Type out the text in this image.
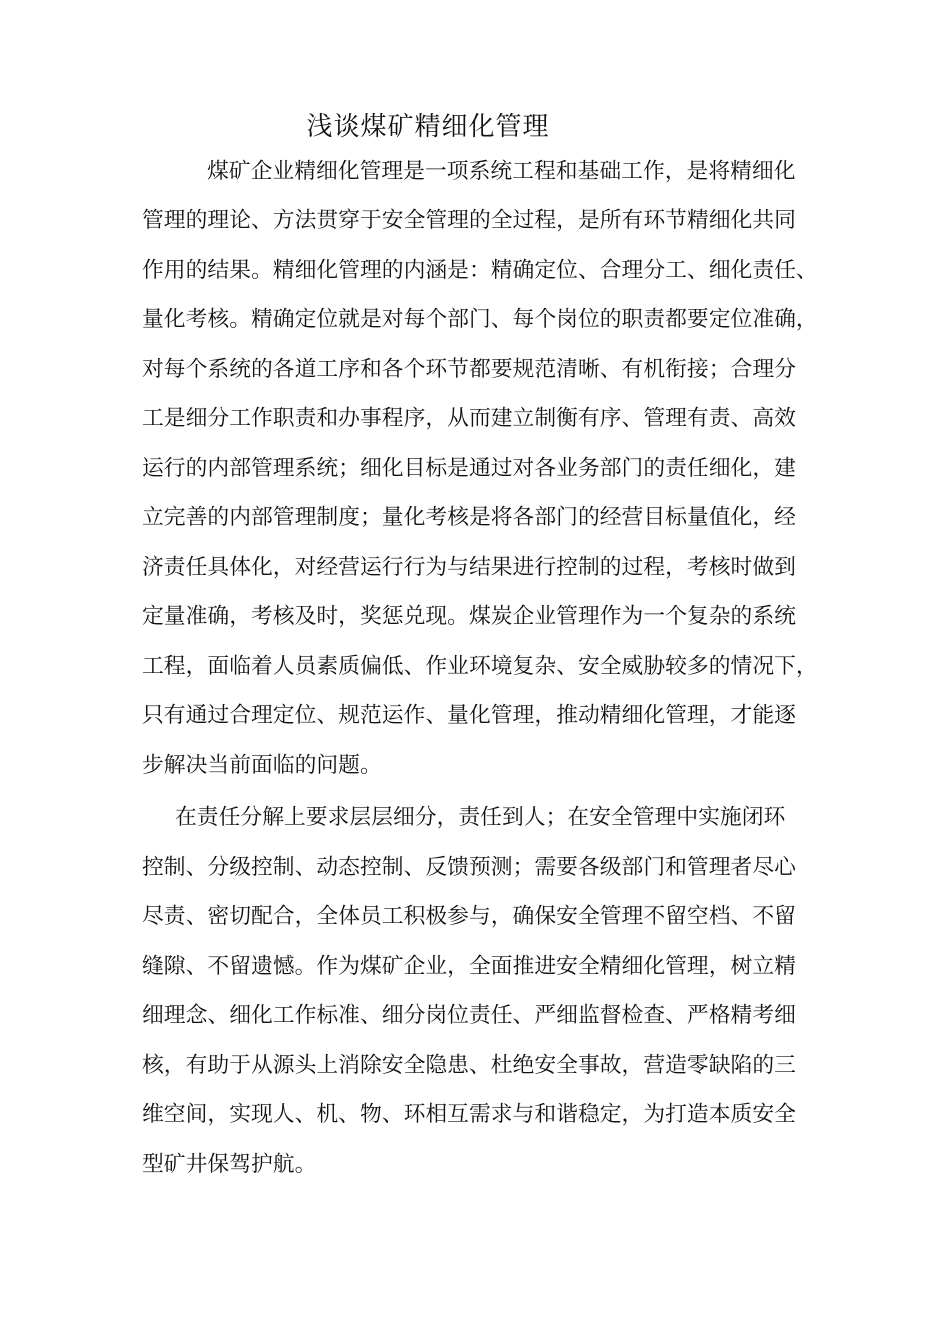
浅谈煤矿精细化管理
煤矿企业精细化管理是一项系统工程和基础工作，是将精细化
管理的理论、方法贯穿于安全管理的全过程，是所有环节精细化共同
作用的结果。精细化管理的内涵是：精确定位、合理分工、细化责任、
量化考核。精确定位就是对每个部门、每个岗位的职责都要定位准确，
对每个系统的各道工序和各个环节都要规范清晰、有机衔接；合理分
工是细分工作职责和办事程序，从而建立制衡有序、管理有责、高效
运行的内部管理系统；细化目标是通过对各业务部门的责任细化，建
立完善的内部管理制度；量化考核是将各部门的经营目标量值化，经
济责任具体化，对经营运行行为与结果进行控制的过程，考核时做到
定量准确，考核及时，奖惩兑现。煤炭企业管理作为一个复杂的系统
工程，面临着人员素质偏低、作业环境复杂、安全威胁较多的情况下，
只有通过合理定位、规范运作、量化管理，推动精细化管理，才能逐
步解决当前面临的问题。
在责任分解上要求层层细分，责任到人；在安全管理中实施闭环
控制、分级控制、动态控制、反馈预测；需要各级部门和管理者尽心
尽责、密切配合，全体员工积极参与，确保安全管理不留空档、不留
缝隙、不留遗憾。作为煤矿企业，全面推进安全精细化管理，树立精
细理念、细化工作标准、细分岗位责任、严细监督检查、严格精考细
核，有助于从源头上消除安全隐患、杜绝安全事故，营造零缺陷的三
维空间，实现人、机、物、环相互需求与和谐稳定，为打造本质安全
型矿井保驾护航。
